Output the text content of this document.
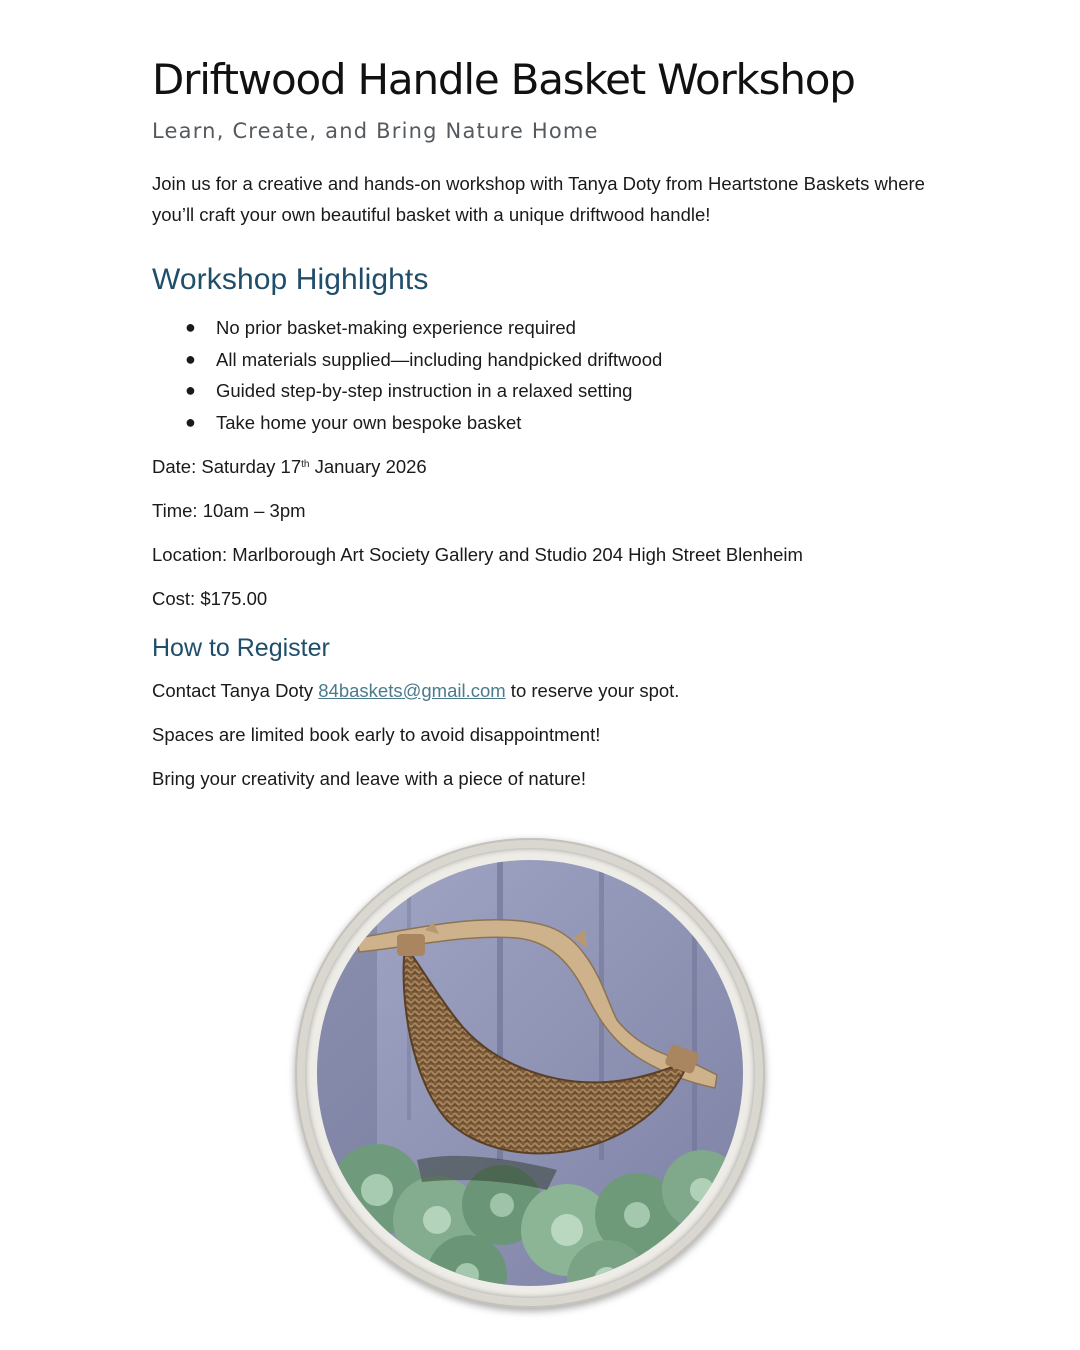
Driftwood Handle Basket Workshop
Learn, Create, and Bring Nature Home
Join us for a creative and hands-on workshop with Tanya Doty from Heartstone Baskets where you’ll craft your own beautiful basket with a unique driftwood handle!
Workshop Highlights
● No prior basket-making experience required
● All materials supplied—including handpicked driftwood
● Guided step-by-step instruction in a relaxed setting
● Take home your own bespoke basket

Date: Saturday 17th January 2026

Time: 10am – 3pm

Location: Marlborough Art Society Gallery and Studio 204 High Street Blenheim

Cost: $175.00

How to Register

Contact Tanya Doty 84baskets@gmail.com to reserve your spot.

Spaces are limited book early to avoid disappointment!

Bring your creativity and leave with a piece of nature!
